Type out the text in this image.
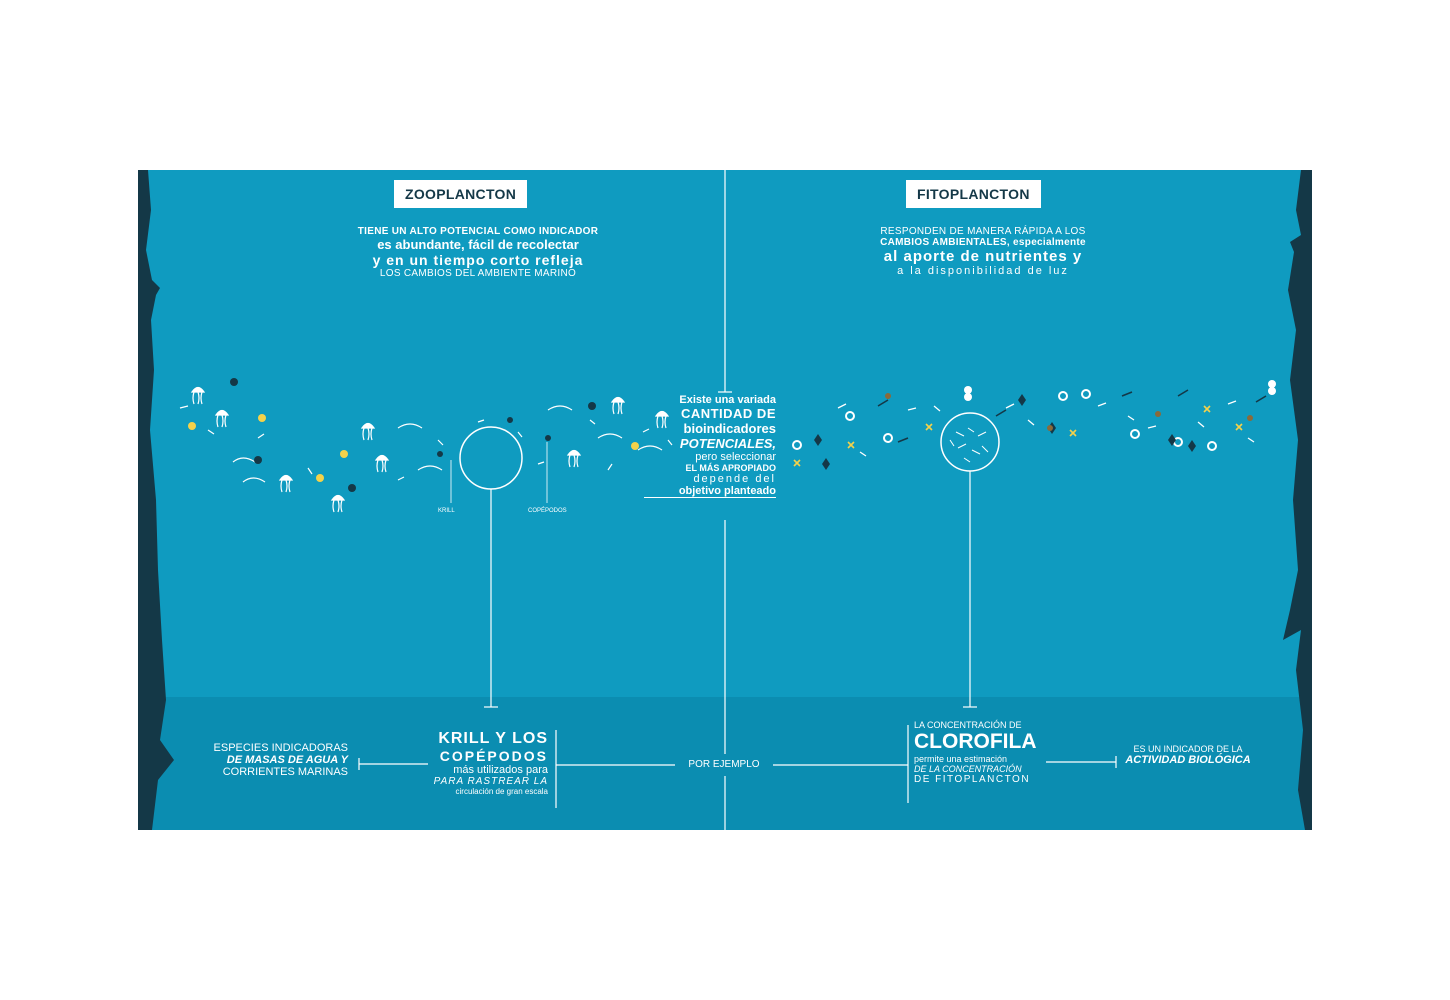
ZOOPLANCTON	FITOPLANCTON
TIENE UN ALTO POTENCIAL COMO INDICADOR
es abundante, fácil de recolectar
y en un tiempo corto refleja
LOS CAMBIOS DEL AMBIENTE MARINO
RESPONDEN DE MANERA RÁPIDA A LOS
CAMBIOS AMBIENTALES, especialmente
al aporte de nutrientes y
a la disponibilidad de luz
KRILL	COPÉPODOS
Existe una variada
CANTIDAD DE
bioindicadores
POTENCIALES,
pero seleccionar
EL MÁS APROPIADO
depende del
objetivo planteado
POR EJEMPLO
ESPECIES INDICADORAS
DE MASAS DE AGUA Y
CORRIENTES MARINAS
KRILL Y LOS
COPÉPODOS
más utilizados para
PARA RASTREAR LA
circulación de gran escala
LA CONCENTRACIÓN DE
CLOROFILA
permite una estimación
DE LA CONCENTRACIÓN
DE FITOPLANCTON
ES UN INDICADOR DE LA
ACTIVIDAD BIOLÓGICA
